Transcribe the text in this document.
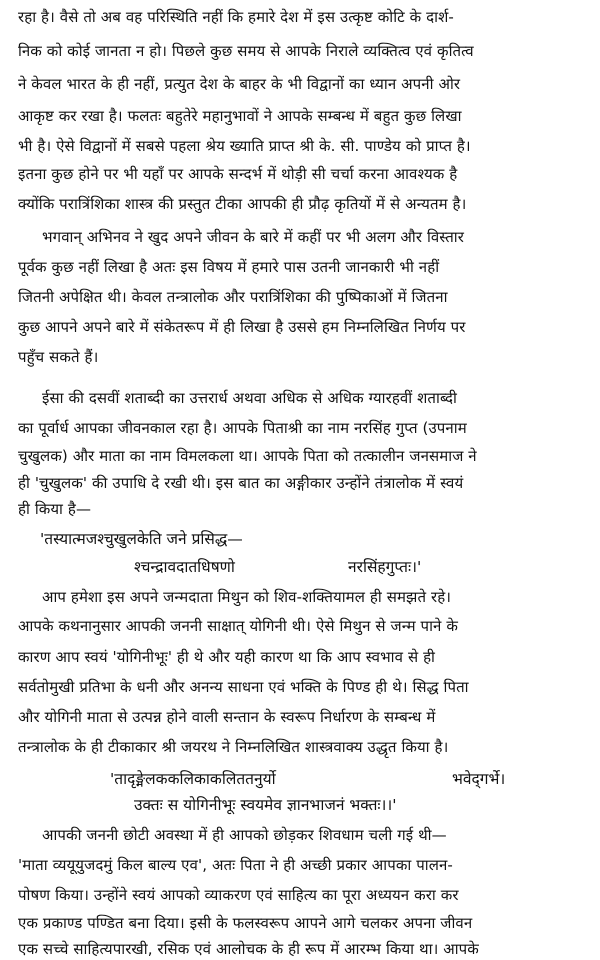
रहा है। वैसे तो अब वह परिस्थिति नहीं कि हमारे देश में इस उत्कृष्ट कोटि के दार्श-
निक को कोई जानता न हो। पिछले कुछ समय से आपके निराले व्यक्तित्व एवं कृतित्व
ने केवल भारत के ही नहीं, प्रत्युत देश के बाहर के भी विद्वानों का ध्यान अपनी ओर
आकृष्ट कर रखा है। फलतः बहुतेरे महानुभावों ने आपके सम्बन्ध में बहुत कुछ लिखा
भी है। ऐसे विद्वानों में सबसे पहला श्रेय ख्याति प्राप्त श्री के. सी. पाण्डेय को प्राप्त है।
इतना कुछ होने पर भी यहाँ पर आपके सन्दर्भ में थोड़ी सी चर्चा करना आवश्यक है
क्योंकि परात्रिंशिका शास्त्र की प्रस्तुत टीका आपकी ही प्रौढ़ कृतियों में से अन्यतम है।
भगवान् अभिनव ने खुद अपने जीवन के बारे में कहीं पर भी अलग और विस्तार
पूर्वक कुछ नहीं लिखा है अतः इस विषय में हमारे पास उतनी जानकारी भी नहीं
जितनी अपेक्षित थी। केवल तन्त्रालोक और परात्रिंशिका की पुष्पिकाओं में जितना
कुछ आपने अपने बारे में संकेतरूप में ही लिखा है उससे हम निम्नलिखित निर्णय पर
पहुँच सकते हैं।
ईसा की दसवीं शताब्दी का उत्तरार्ध अथवा अधिक से अधिक ग्यारहवीं शताब्दी
का पूर्वार्ध आपका जीवनकाल रहा है। आपके पिताश्री का नाम नरसिंह गुप्त (उपनाम
चुखुलक) और माता का नाम विमलकला था। आपके पिता को तत्कालीन जनसमाज ने
ही 'चुखुलक' की उपाधि दे रखी थी। इस बात का अङ्गीकार उन्होंने तंत्रालोक में स्वयं
ही किया है—
'तस्यात्मजश्चुखुलकेति जने प्रसिद्ध—
श्चन्द्रावदातधिषणो	नरसिंहगुप्तः।'
आप हमेशा इस अपने जन्मदाता मिथुन को शिव-शक्तियामल ही समझते रहे।
आपके कथनानुसार आपकी जननी साक्षात् योगिनी थी। ऐसे मिथुन से जन्म पाने के
कारण आप स्वयं 'योगिनीभूः' ही थे और यही कारण था कि आप स्वभाव से ही
सर्वतोमुखी प्रतिभा के धनी और अनन्य साधना एवं भक्ति के पिण्ड ही थे। सिद्ध पिता
और योगिनी माता से उत्पन्न होने वाली सन्तान के स्वरूप निर्धारण के सम्बन्ध में
तन्त्रालोक के ही टीकाकार श्री जयरथ ने निम्नलिखित शास्त्रवाक्य उद्धृत किया है।
'तादृङ्मेलककलिकाकलिततनुर्यो	भवेद्‌गर्भे।
उक्तः स योगिनीभूः स्वयमेव ज्ञानभाजनं भक्तः।।'
आपकी जननी छोटी अवस्था में ही आपको छोड़कर शिवधाम चली गई थी—
'माता व्ययूयुजदमुं किल बाल्य एव', अतः पिता ने ही अच्छी प्रकार आपका पालन-
पोषण किया। उन्होंने स्वयं आपको व्याकरण एवं साहित्य का पूरा अध्ययन करा कर
एक प्रकाण्ड पण्डित बना दिया। इसी के फलस्वरूप आपने आगे चलकर अपना जीवन
एक सच्चे साहित्यपारखी, रसिक एवं आलोचक के ही रूप में आरम्भ किया था। आपके
